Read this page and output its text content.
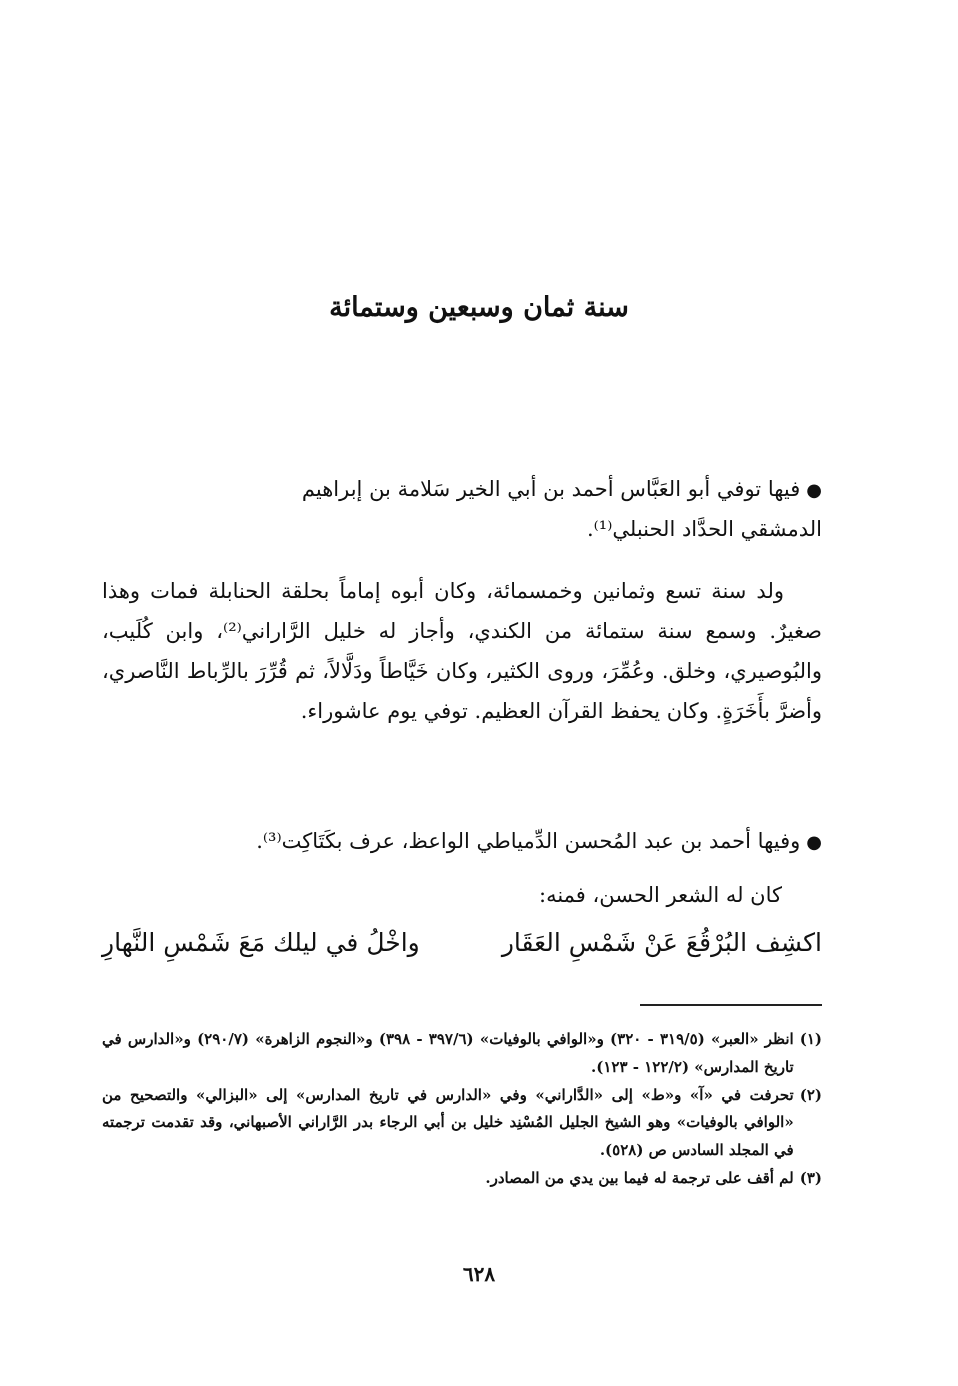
سنة ثمان وسبعين وستمائة
●فيها توفي أبو العَبَّاس أحمد بن أبي الخير سَلامة بن إبراهيم
الدمشقي الحدَّاد الحنبلي⁽¹⁾.

ولد سنة تسع وثمانين وخمسمائة، وكان أبوه إماماً بحلقة الحنابلة فمات وهذا صغيرٌ. وسمع سنة ستمائة من الكندي، وأجاز له خليل الرَّاراني⁽²⁾، وابن كُلَيب، والبُوصيري، وخلق. وعُمِّرَ، وروى الكثير، وكان خَيَّاطاً ودَلَّالاً، ثم قُرِّرَ بالرِّباط النَّاصري، وأضرَّ بأَخَرَةٍ. وكان يحفظ القرآن العظيم. توفي يوم عاشوراء.

●وفيها أحمد بن عبد المُحسن الدِّمياطي الواعظ، عرف بكَتَاكِت⁽³⁾.
كان له الشعر الحسن، فمنه:
اكشِف البُرْقُعَ عَنْ شَمْسِ العَقَار
واخْلُ في ليلك مَعَ شَمْسِ النَّهارِ
(١)
انظر «العبر» (٣١٩/٥ - ٣٢٠) و«الوافي بالوفيات» (٣٩٧/٦ - ٣٩٨) و«النجوم الزاهرة» (٢٩٠/٧) و«الدارس في تاريخ المدارس» (١٢٢/٢ - ١٢٣).
(٢)
تحرفت في «آ» و«ط» إلى «الدَّاراني» وفي «الدارس في تاريخ المدارس» إلى «البزالي» والتصحيح من «الوافي بالوفيات» وهو الشيخ الجليل المُسْنِد خليل بن أبي الرجاء بدر الرَّاراني الأصبهاني، وقد تقدمت ترجمته في المجلد السادس ص (٥٢٨).
(٣)
لم أقف على ترجمة له فيما بين يدي من المصادر.
٦٢٨
